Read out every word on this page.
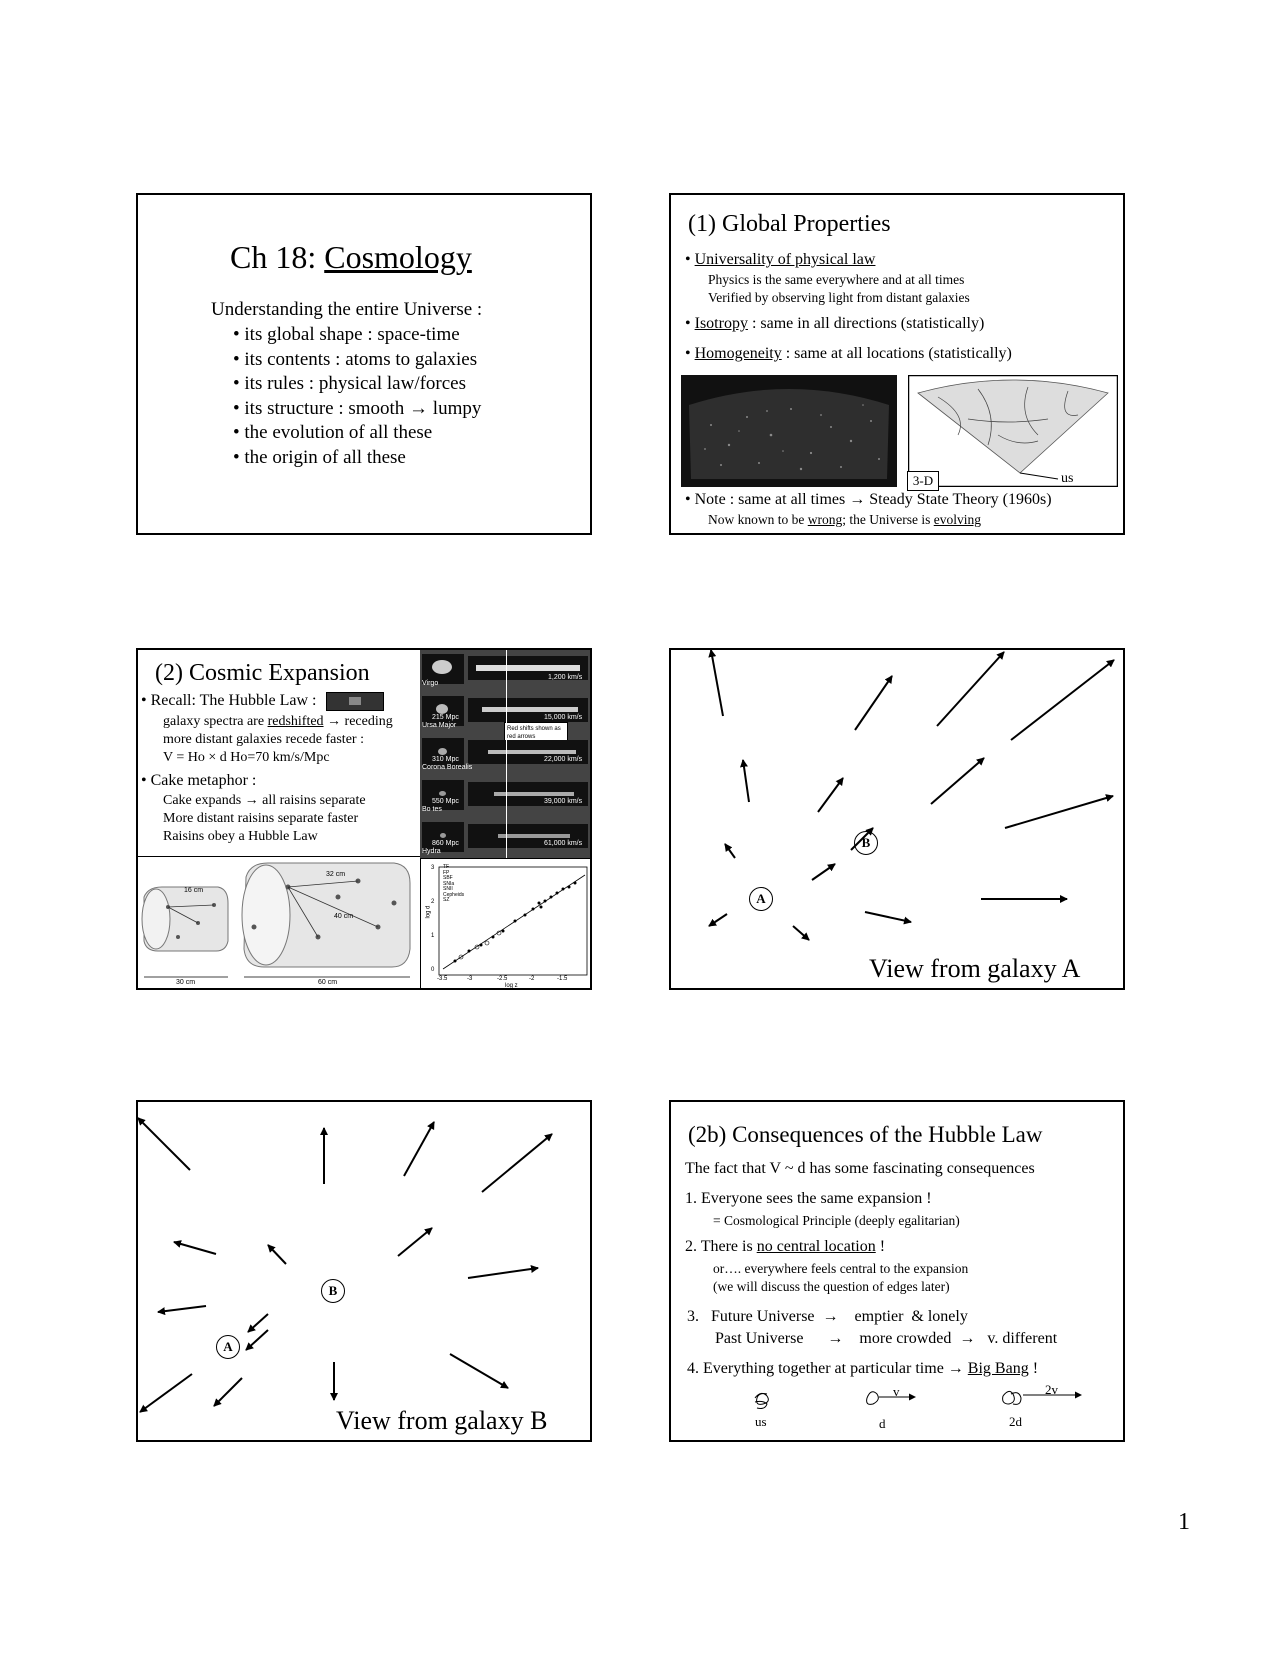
Ch 18: Cosmology
Understanding the entire Universe :
• its global shape : space-time
• its contents : atoms to galaxies
• its rules : physical law/forces
• its structure : smooth → lumpy
• the evolution of all these
• the origin of all these
(1) Global Properties
• Universality of physical law
Physics is the same everywhere and at all times
Verified by observing light from distant galaxies
• Isotropy : same in all directions (statistically)
• Homogeneity : same at all locations (statistically)
3-D	us
• Note : same at all times → Steady State Theory (1960s)
Now known to be wrong; the Universe is evolving
(2) Cosmic Expansion
• Recall: The Hubble Law :
galaxy spectra are redshifted → receding
more distant galaxies recede faster :
V = Ho × d Ho=70 km/s/Mpc
• Cake metaphor :
Cake expands → all raisins separate
More distant raisins separate faster
Raisins obey a Hubble Law
Virgo
1,200 km/s
215 Mpc
Ursa Major
15,000 km/s
Red shifts shown as red arrows
310 Mpc
Corona Borealis
22,000 km/s
550 Mpc
Bo tes
39,000 km/s
860 Mpc
Hydra
61,000 km/s
16 cm
32 cm
40 cm
30 cm	60 cm
TF
FP
SBF
SNIa
SNII
Cepheids
SZ
log d
3
2
1
0
-3.5	-3	-2.5	-2	-1.5
log z
A
B
View from galaxy A
A
B
View from galaxy B
(2b) Consequences of the Hubble Law
The fact that V ~ d has some fascinating consequences
1. Everyone sees the same expansion !
= Cosmological Principle (deeply egalitarian)
2. There is no central location !
or…. everywhere feels central to the expansion
(we will discuss the question of edges later)
3.   Future Universe  →    emptier  & lonely
Past Universe      →    more crowded  →   v. different
4. Everything together at particular time → Big Bang !
v	2v
us	d	2d
1
